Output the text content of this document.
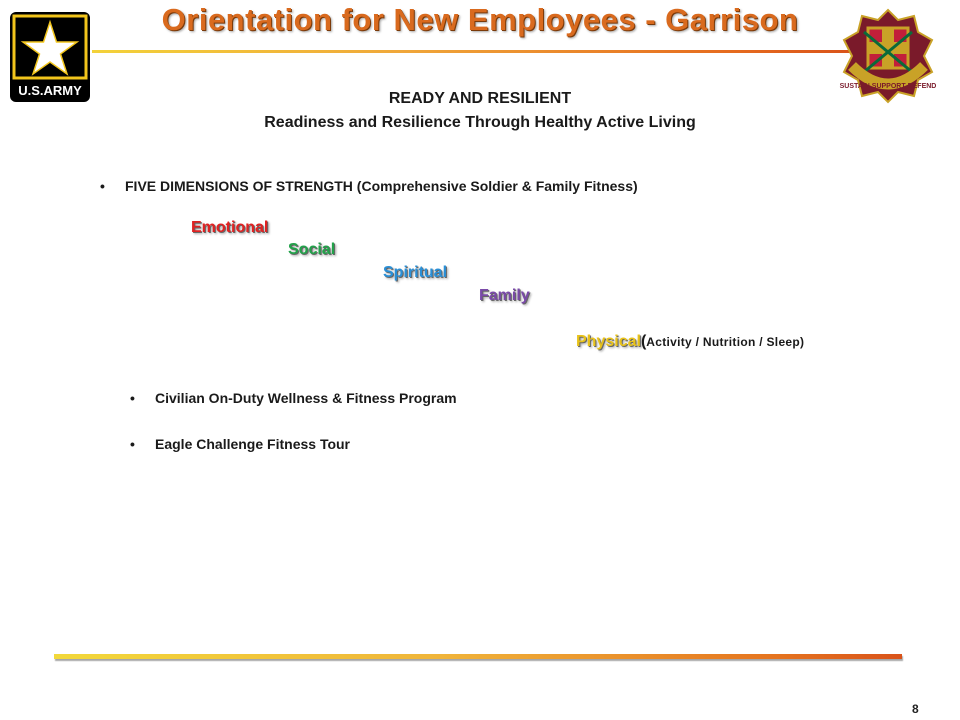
U.S.ARMY
Orientation for New Employees - Garrison
SUSTAIN SUPPORT DEFEND
READY AND RESILIENT
Readiness and Resilience Through Healthy Active Living
• FIVE DIMENSIONS OF STRENGTH (Comprehensive Soldier & Family Fitness)
Emotional
Social
Spiritual
Family
Physical(Activity / Nutrition / Sleep)
• Civilian On-Duty Wellness & Fitness Program
• Eagle Challenge Fitness Tour
8
